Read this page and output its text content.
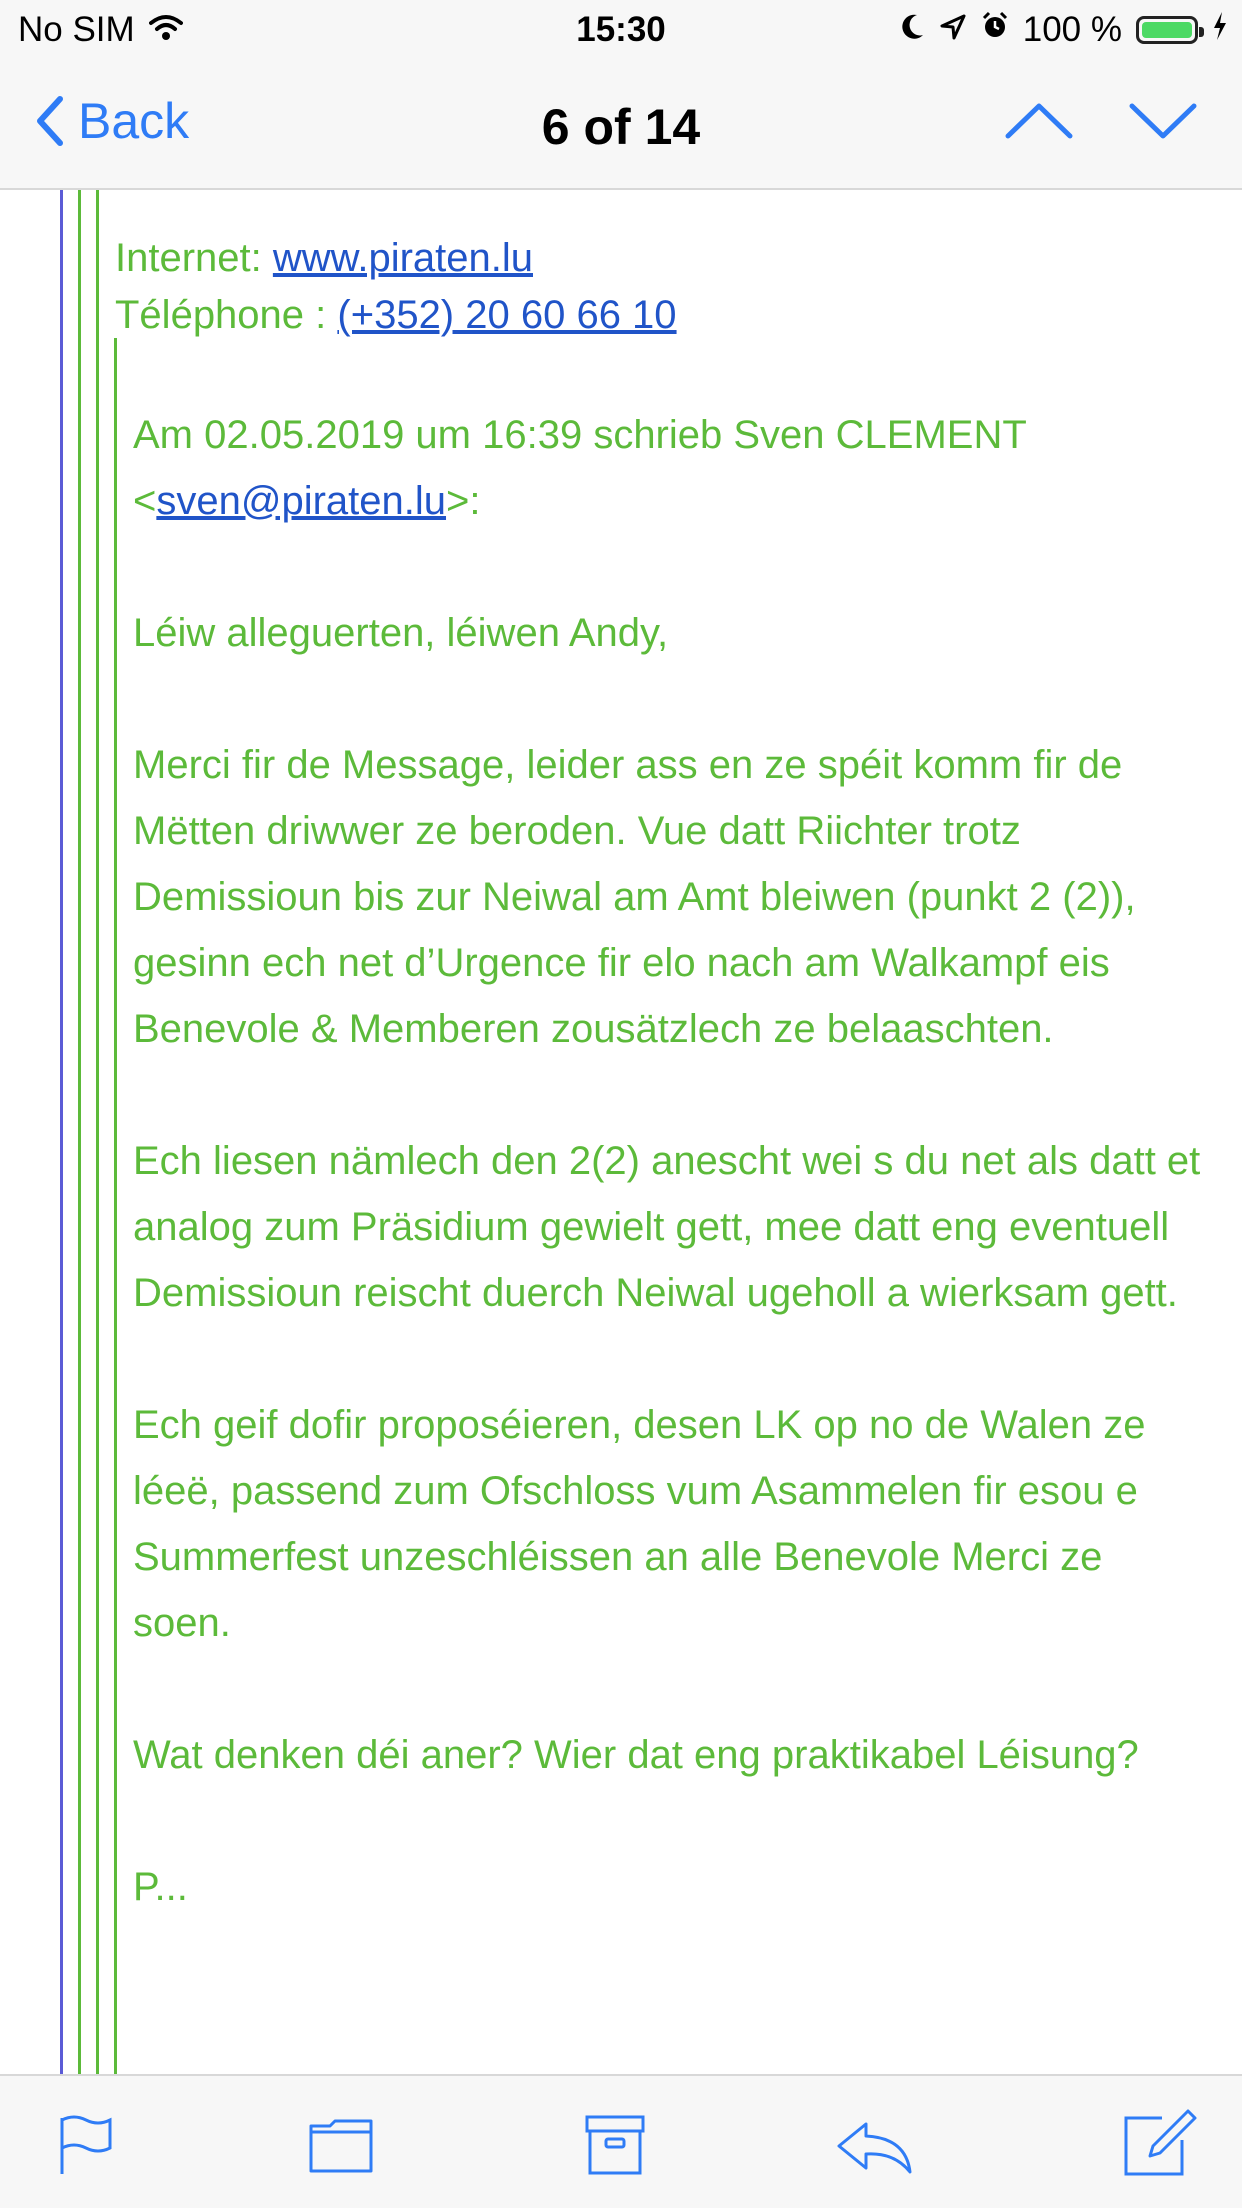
No SIM	15:30	100 %
Back	6 of 14
Internet: www.piraten.lu
Téléphone : (+352) 20 60 66 10

Am 02.05.2019 um 16:39 schrieb Sven CLEMENT <sven@piraten.lu>:

Léiw alleguerten, léiwen Andy,

Merci fir de Message, leider ass en ze spéit komm fir de Mëtten driwwer ze beroden. Vue datt Riichter trotz Demissioun bis zur Neiwal am Amt bleiwen (punkt 2 (2)), gesinn ech net d’Urgence fir elo nach am Walkampf eis Benevole & Memberen zousätzlech ze belaaschten.

Ech liesen nämlech den 2(2) anescht wei s du net als datt et analog zum Präsidium gewielt gett, mee datt eng eventuell Demissioun reischt duerch Neiwal ugeholl a wierksam gett.

Ech geif dofir proposéieren, desen LK op no de Walen ze léeë, passend zum Ofschloss vum Asammelen fir esou e Summerfest unzeschléissen an alle Benevole Merci ze soen.

Wat denken déi aner? Wier dat eng praktikabel Léisung?

P...
